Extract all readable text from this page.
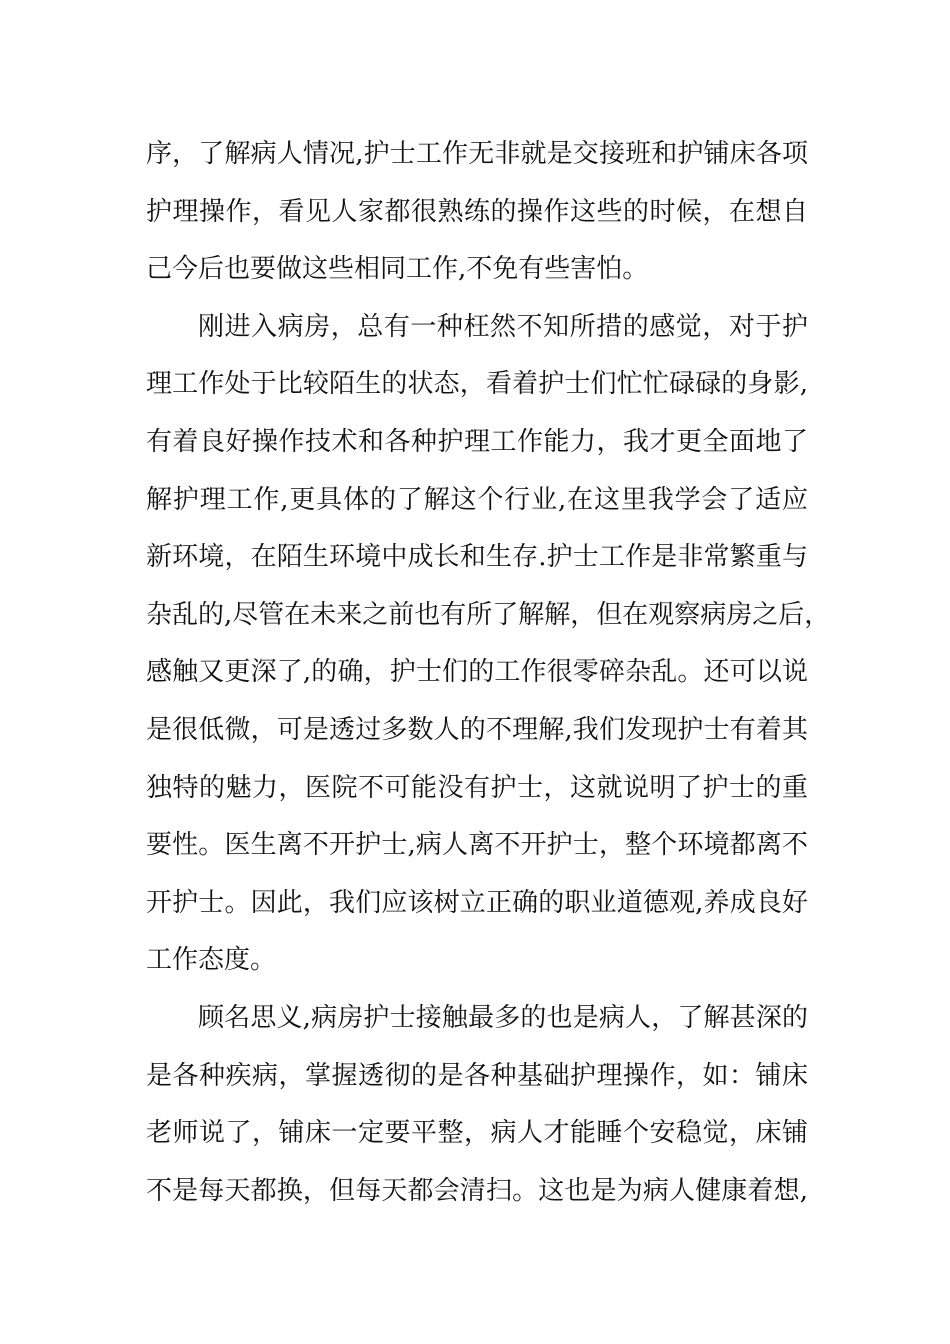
序，了解病人情况,护士工作无非就是交接班和护铺床各项
护理操作，看见人家都很熟练的操作这些的时候，在想自
己今后也要做这些相同工作,不免有些害怕。
刚进入病房，总有一种枉然不知所措的感觉，对于护
理工作处于比较陌生的状态，看着护士们忙忙碌碌的身影,
有着良好操作技术和各种护理工作能力，我才更全面地了
解护理工作,更具体的了解这个行业,在这里我学会了适应
新环境，在陌生环境中成长和生存.护士工作是非常繁重与
杂乱的,尽管在未来之前也有所了解解，但在观察病房之后，
感触又更深了,的确，护士们的工作很零碎杂乱。还可以说
是很低微，可是透过多数人的不理解,我们发现护士有着其
独特的魅力，医院不可能没有护士，这就说明了护士的重
要性。医生离不开护士,病人离不开护士，整个环境都离不
开护士。因此，我们应该树立正确的职业道德观,养成良好
工作态度。
顾名思义,病房护士接触最多的也是病人，了解甚深的
是各种疾病，掌握透彻的是各种基础护理操作，如：铺床
老师说了，铺床一定要平整，病人才能睡个安稳觉，床铺
不是每天都换，但每天都会清扫。这也是为病人健康着想,
